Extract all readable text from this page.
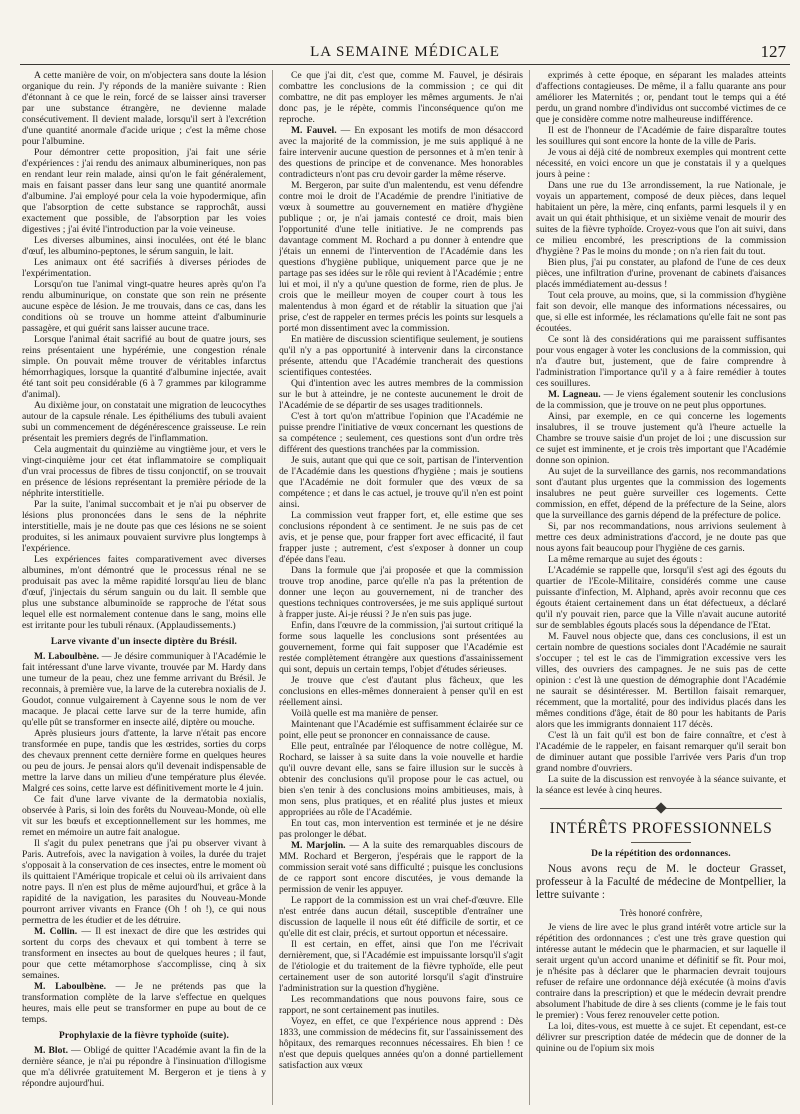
LA SEMAINE MÉDICALE	127

A cette manière de voir, on m'objectera sans doute la lésion organique du rein. J'y réponds de la manière suivante : Rien d'étonnant à ce que le rein, forcé de se laisser ainsi traverser par une substance étrangère, ne devienne malade consécutivement. Il devient malade, lorsqu'il sert à l'excrétion d'une quantité anormale d'acide urique ; c'est la même chose pour l'albumine.

Pour démontrer cette proposition, j'ai fait une série d'expériences : j'ai rendu des animaux albumineriques, non pas en rendant leur rein malade, ainsi qu'on le fait généralement, mais en faisant passer dans leur sang une quantité anormale d'albumine. J'ai employé pour cela la voie hypodermique, afin que l'absorption de cette substance se rapprochât, aussi exactement que possible, de l'absorption par les voies digestives ; j'ai évité l'introduction par la voie veineuse.

Les diverses albumines, ainsi inoculées, ont été le blanc d'œuf, les albumino-peptones, le sérum sanguin, le lait.

Les animaux ont été sacrifiés à diverses périodes de l'expérimentation.

Lorsqu'on tue l'animal vingt-quatre heures après qu'on l'a rendu albuminurique, on constate que son rein ne présente aucune espèce de lésion. Je me trouvais, dans ce cas, dans les conditions où se trouve un homme atteint d'albuminurie passagère, et qui guérit sans laisser aucune trace.

Lorsque l'animal était sacrifié au bout de quatre jours, ses reins présentaient une hypérémie, une congestion rénale simple. On pouvait même trouver de véritables infarctus hémorrhagiques, lorsque la quantité d'albumine injectée, avait été tant soit peu considérable (6 à 7 grammes par kilogramme d'animal).

Au dixième jour, on constatait une migration de leucocythes autour de la capsule rénale. Les épithéliums des tubuli avaient subi un commencement de dégénérescence graisseuse. Le rein présentait les premiers degrés de l'inflammation.

Cela augmentait du quinzième au vingtième jour, et vers le vingt-cinquième jour cet état inflammatoire se compliquait d'un vrai processus de fibres de tissu conjonctif, on se trouvait en présence de lésions représentant la première période de la néphrite interstitielle.

Par la suite, l'animal succombait et je n'ai pu observer de lésions plus prononcées dans le sens de la néphrite interstitielle, mais je ne doute pas que ces lésions ne se soient produites, si les animaux pouvaient survivre plus longtemps à l'expérience.

Les expériences faites comparativement avec diverses albumines, m'ont démontré que le processus rénal ne se produisait pas avec la même rapidité lorsqu'au lieu de blanc d'œuf, j'injectais du sérum sanguin ou du lait. Il semble que plus une substance albuminoïde se rapproche de l'état sous lequel elle est normalement contenue dans le sang, moins elle est irritante pour les tubuli rénaux. (Applaudissements.)

Larve vivante d'un insecte diptère du Brésil.

M. Laboulbène. — Je désire communiquer à l'Académie le fait intéressant d'une larve vivante, trouvée par M. Hardy dans une tumeur de la peau, chez une femme arrivant du Brésil. Je reconnais, à première vue, la larve de la cuterebra noxialis de J. Goudot, connue vulgairement à Cayenne sous le nom de ver macaque. Je placai cette larve sur de la terre humide, afin qu'elle pût se transformer en insecte ailé, diptère ou mouche.

Après plusieurs jours d'attente, la larve n'était pas encore transformée en pupe, tandis que les œstrides, sorties du corps des chevaux prennent cette dernière forme en quelques heures ou peu de jours. Je pensai alors qu'il devenait indispensable de mettre la larve dans un milieu d'une température plus élevée. Malgré ces soins, cette larve est définitivement morte le 4 juin.

Ce fait d'une larve vivante de la dermatobia noxialis, observée à Paris, si loin des forêts du Nouveau-Monde, où elle vit sur les bœufs et exceptionnellement sur les hommes, me remet en mémoire un autre fait analogue.

Il s'agit du pulex penetrans que j'ai pu observer vivant à Paris. Autrefois, avec la navigation à voiles, la durée du trajet s'opposait à la conservation de ces insectes, entre le moment où ils quittaient l'Amérique tropicale et celui où ils arrivaient dans notre pays. Il n'en est plus de même aujourd'hui, et grâce à la rapidité de la navigation, les parasites du Nouveau-Monde pourront arriver vivants en France (Oh ! oh !), ce qui nous permettra de les étudier et de les détruire.

M. Collin. — Il est inexact de dire que les œstrides qui sortent du corps des chevaux et qui tombent à terre se transforment en insectes au bout de quelques heures ; il faut, pour que cette métamorphose s'accomplisse, cinq à six semaines.

M. Laboulbène. — Je ne prétends pas que la transformation complète de la larve s'effectue en quelques heures, mais elle peut se transformer en pupe au bout de ce temps.

Prophylaxie de la fièvre typhoïde (suite).

M. Blot. — Obligé de quitter l'Académie avant la fin de la dernière séance, je n'ai pu répondre à l'insinuation d'illogisme que m'a délivrée gratuitement M. Bergeron et je tiens à y répondre aujourd'hui.

Ce que j'ai dit, c'est que, comme M. Fauvel, je désirais combattre les conclusions de la commission ; ce qui dit combattre, ne dit pas employer les mêmes arguments. Je n'ai donc pas, je le répète, commis l'inconséquence qu'on me reproche.

M. Fauvel. — En exposant les motifs de mon désaccord avec la majorité de la commission, je me suis appliqué à ne faire intervenir aucune question de personnes et à m'en tenir à des questions de principe et de convenance. Mes honorables contradicteurs n'ont pas cru devoir garder la même réserve.

M. Bergeron, par suite d'un malentendu, est venu défendre contre moi le droit de l'Académie de prendre l'initiative de vœux à soumettre au gouvernement en matière d'hygiène publique ; or, je n'ai jamais contesté ce droit, mais bien l'opportunité d'une telle initiative. Je ne comprends pas davantage comment M. Rochard a pu donner à entendre que j'étais un ennemi de l'intervention de l'Académie dans les questions d'hygiène publique, uniquement parce que je ne partage pas ses idées sur le rôle qui revient à l'Académie ; entre lui et moi, il n'y a qu'une question de forme, rien de plus. Je crois que le meilleur moyen de couper court à tous les malentendus à mon égard et de rétablir la situation que j'ai prise, c'est de rappeler en termes précis les points sur lesquels a porté mon dissentiment avec la commission.

En matière de discussion scientifique seulement, je soutiens qu'il n'y a pas opportunité à intervenir dans la circonstance présente, attendu que l'Académie trancherait des questions scientifiques contestées.

Qui d'intention avec les autres membres de la commission sur le but à atteindre, je ne conteste aucunement le droit de l'Académie de se départir de ses usages traditionnels.

C'est à tort qu'on m'attribue l'opinion que l'Académie ne puisse prendre l'initiative de vœux concernant les questions de sa compétence ; seulement, ces questions sont d'un ordre très différent des questions tranchées par la commission.

Je suis, autant que qui que ce soit, partisan de l'intervention de l'Académie dans les questions d'hygiène ; mais je soutiens que l'Académie ne doit formuler que des vœux de sa compétence ; et dans le cas actuel, je trouve qu'il n'en est point ainsi.

La commission veut frapper fort, et, elle estime que ses conclusions répondent à ce sentiment. Je ne suis pas de cet avis, et je pense que, pour frapper fort avec efficacité, il faut frapper juste ; autrement, c'est s'exposer à donner un coup d'épée dans l'eau.

Dans la formule que j'ai proposée et que la commission trouve trop anodine, parce qu'elle n'a pas la prétention de donner une leçon au gouvernement, ni de trancher des questions techniques controversées, je me suis appliqué surtout à frapper juste. Ai-je réussi ? Je n'en suis pas juge.

Enfin, dans l'œuvre de la commission, j'ai surtout critiqué la forme sous laquelle les conclusions sont présentées au gouvernement, forme qui fait supposer que l'Académie est restée complètement étrangère aux questions d'assainissement qui sont, depuis un certain temps, l'objet d'études sérieuses.

Je trouve que c'est d'autant plus fâcheux, que les conclusions en elles-mêmes donneraient à penser qu'il en est réellement ainsi.

Voilà quelle est ma manière de penser.

Maintenant que l'Académie est suffisamment éclairée sur ce point, elle peut se prononcer en connaissance de cause.

Elle peut, entraînée par l'éloquence de notre collègue, M. Rochard, se laisser à sa suite dans la voie nouvelle et hardie qu'il ouvre devant elle, sans se faire illusion sur le succès à obtenir des conclusions qu'il propose pour le cas actuel, ou bien s'en tenir à des conclusions moins ambitieuses, mais, à mon sens, plus pratiques, et en réalité plus justes et mieux appropriées au rôle de l'Académie.

En tout cas, mon intervention est terminée et je ne désire pas prolonger le débat.

M. Marjolin. — A la suite des remarquables discours de MM. Rochard et Bergeron, j'espérais que le rapport de la commission serait voté sans difficulté ; puisque les conclusions de ce rapport sont encore discutées, je vous demande la permission de venir les appuyer.

Le rapport de la commission est un vrai chef-d'œuvre. Elle n'est entrée dans aucun détail, susceptible d'entraîner une discussion de laquelle il nous eût été difficile de sortir, et ce qu'elle dit est clair, précis, et surtout opportun et nécessaire.

Il est certain, en effet, ainsi que l'on me l'écrivait dernièrement, que, si l'Académie est impuissante lorsqu'il s'agit de l'étiologie et du traitement de la fièvre typhoïde, elle peut certainement user de son autorité lorsqu'il s'agit d'instruire l'administration sur la question d'hygiène.

Les recommandations que nous pouvons faire, sous ce rapport, ne sont certainement pas inutiles.

Voyez, en effet, ce que l'expérience nous apprend : Dès 1833, une commission de médecins fit, sur l'assainissement des hôpitaux, des remarques reconnues nécessaires. Eh bien ! ce n'est que depuis quelques années qu'on a donné partiellement satisfaction aux vœux

exprimés à cette époque, en séparant les malades atteints d'affections contagieuses. De même, il a fallu quarante ans pour améliorer les Maternités ; or, pendant tout le temps qui a été perdu, un grand nombre d'individus ont succombé victimes de ce que je considère comme notre malheureuse indifférence.

Il est de l'honneur de l'Académie de faire disparaître toutes les souillures qui sont encore la honte de la ville de Paris.

Je vous ai déjà cité de nombreux exemples qui montrent cette nécessité, en voici encore un que je constatais il y a quelques jours à peine :

Dans une rue du 13e arrondissement, la rue Nationale, je voyais un appartement, composé de deux pièces, dans lequel habitaient un père, la mère, cinq enfants, parmi lesquels il y en avait un qui était phthisique, et un sixième venait de mourir des suites de la fièvre typhoïde. Croyez-vous que l'on ait suivi, dans ce milieu encombré, les prescriptions de la commission d'hygiène ? Pas le moins du monde ; on n'a rien fait du tout.

Bien plus, j'ai pu constater, au plafond de l'une de ces deux pièces, une infiltration d'urine, provenant de cabinets d'aisances placés immédiatement au-dessus !

Tout cela prouve, au moins, que, si la commission d'hygiène fait son devoir, elle manque des informations nécessaires, ou que, si elle est informée, les réclamations qu'elle fait ne sont pas écoutées.

Ce sont là des considérations qui me paraissent suffisantes pour vous engager à voter les conclusions de la commission, qui n'a d'autre but, justement, que de faire comprendre à l'administration l'importance qu'il y a à faire remédier à toutes ces souillures.

M. Lagneau. — Je viens également soutenir les conclusions de la commission, que je trouve on ne peut plus opportunes.

Ainsi, par exemple, en ce qui concerne les logements insalubres, il se trouve justement qu'à l'heure actuelle la Chambre se trouve saisie d'un projet de loi ; une discussion sur ce sujet est imminente, et je crois très important que l'Académie donne son opinion.

Au sujet de la surveillance des garnis, nos recommandations sont d'autant plus urgentes que la commission des logements insalubres ne peut guère surveiller ces logements. Cette commission, en effet, dépend de la préfecture de la Seine, alors que la surveillance des garnis dépend de la préfecture de police.

Si, par nos recommandations, nous arrivions seulement à mettre ces deux administrations d'accord, je ne doute pas que nous ayons fait beaucoup pour l'hygiène de ces garnis.

La même remarque au sujet des égouts :

L'Académie se rappelle que, lorsqu'il s'est agi des égouts du quartier de l'Ecole-Militaire, considérés comme une cause puissante d'infection, M. Alphand, après avoir reconnu que ces égouts étaient certainement dans un état défectueux, a déclaré qu'il n'y pouvait rien, parce que la Ville n'avait aucune autorité sur de semblables égouts placés sous la dépendance de l'Etat.

M. Fauvel nous objecte que, dans ces conclusions, il est un certain nombre de questions sociales dont l'Académie ne saurait s'occuper ; tel est le cas de l'immigration excessive vers les villes, des ouvriers des campagnes. Je ne suis pas de cette opinion : c'est là une question de démographie dont l'Académie ne saurait se désintéresser. M. Bertillon faisait remarquer, récemment, que la mortalité, pour des individus placés dans les mêmes conditions d'âge, était de 80 pour les habitants de Paris alors que les immigrants donnaient 117 décès.

C'est là un fait qu'il est bon de faire connaître, et c'est à l'Académie de le rappeler, en faisant remarquer qu'il serait bon de diminuer autant que possible l'arrivée vers Paris d'un trop grand nombre d'ouvriers.

La suite de la discussion est renvoyée à la séance suivante, et la séance est levée à cinq heures.

INTÉRÊTS PROFESSIONNELS
De la répétition des ordonnances.

Nous avons reçu de M. le docteur Grasset, professeur à la Faculté de médecine de Montpellier, la lettre suivante :

Très honoré confrère,

Je viens de lire avec le plus grand intérêt votre article sur la répétition des ordonnances ; c'est une très grave question qui intéresse autant le médecin que le pharmacien, et sur laquelle il serait urgent qu'un accord unanime et définitif se fît. Pour moi, je n'hésite pas à déclarer que le pharmacien devrait toujours refuser de refaire une ordonnance déjà exécutée (à moins d'avis contraire dans la prescription) et que le médecin devrait prendre absolument l'habitude de dire à ses clients (comme je le fais tout le premier) : Vous ferez renouveler cette potion.

La loi, dites-vous, est muette à ce sujet. Et cependant, est-ce délivrer sur prescription datée de médecin que de donner de la quinine ou de l'opium six mois
